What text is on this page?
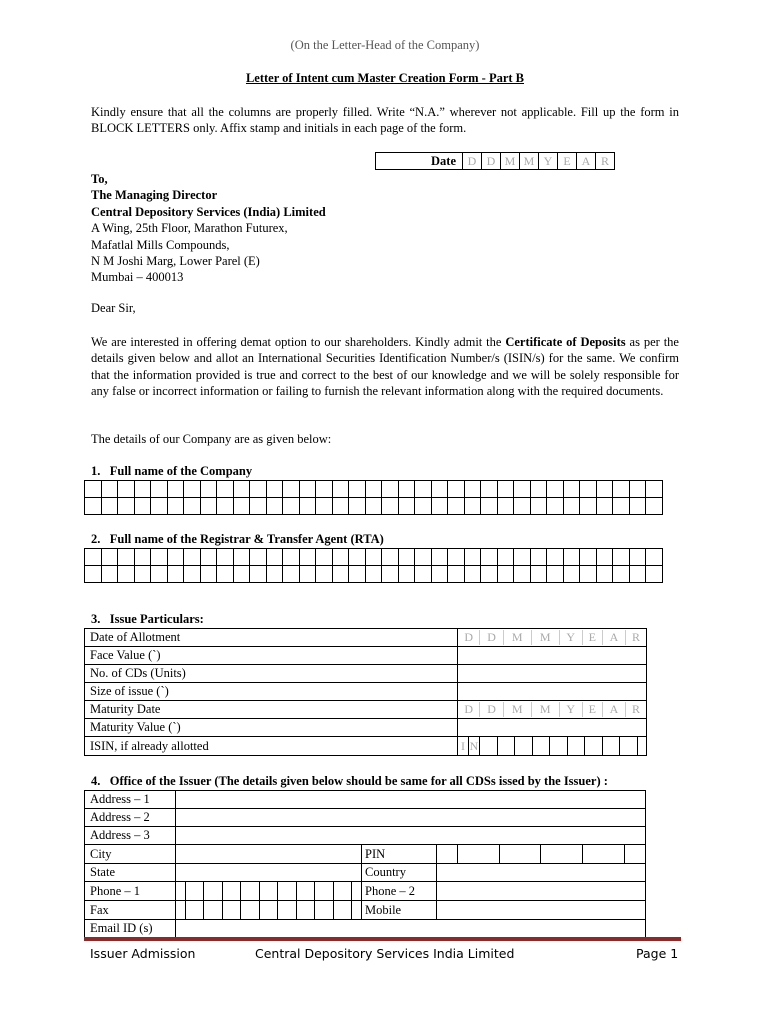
(On the Letter-Head of the Company)
Letter of Intent cum Master Creation Form - Part B
Kindly ensure that all the columns are properly filled. Write “N.A.” wherever not applicable. Fill up the form in BLOCK LETTERS only. Affix stamp and initials in each page of the form.
Date	D	D	M	M	Y	E	A	R
To,
The Managing Director
Central Depository Services (India) Limited
A Wing, 25th Floor, Marathon Futurex,
Mafatlal Mills Compounds,
N M Joshi Marg, Lower Parel (E)
Mumbai – 400013
Dear Sir,
We are interested in offering demat option to our shareholders. Kindly admit the Certificate of Deposits as per the details given below and allot an International Securities Identification Number/s (ISIN/s) for the same. We confirm that the information provided is true and correct to the best of our knowledge and we will be solely responsible for any false or incorrect information or failing to furnish the relevant information along with the required documents.
The details of our Company are as given below:
1. Full name of the Company

2. Full name of the Registrar & Transfer Agent (RTA)

3. Issue Particulars:
Date of Allotment		D	D	M	M	Y	E	A	R

Face Value (`)	
No. of CDs (Units)	
Size of issue (`)	
Maturity Date		D	D	M	M	Y	E	A	R

Maturity Value (`)	
ISIN, if already allotted		I	N										
4. Office of the Issuer (The details given below should be same for all CDSs issed by the Issuer) :
Address – 1	
Address – 2	
Address – 3	
City		PIN	

State		Country	
Phone – 1												Phone – 2	
Fax												Mobile	
Email ID (s)	
Issuer Admission	Central Depository Services India Limited	Page 1
